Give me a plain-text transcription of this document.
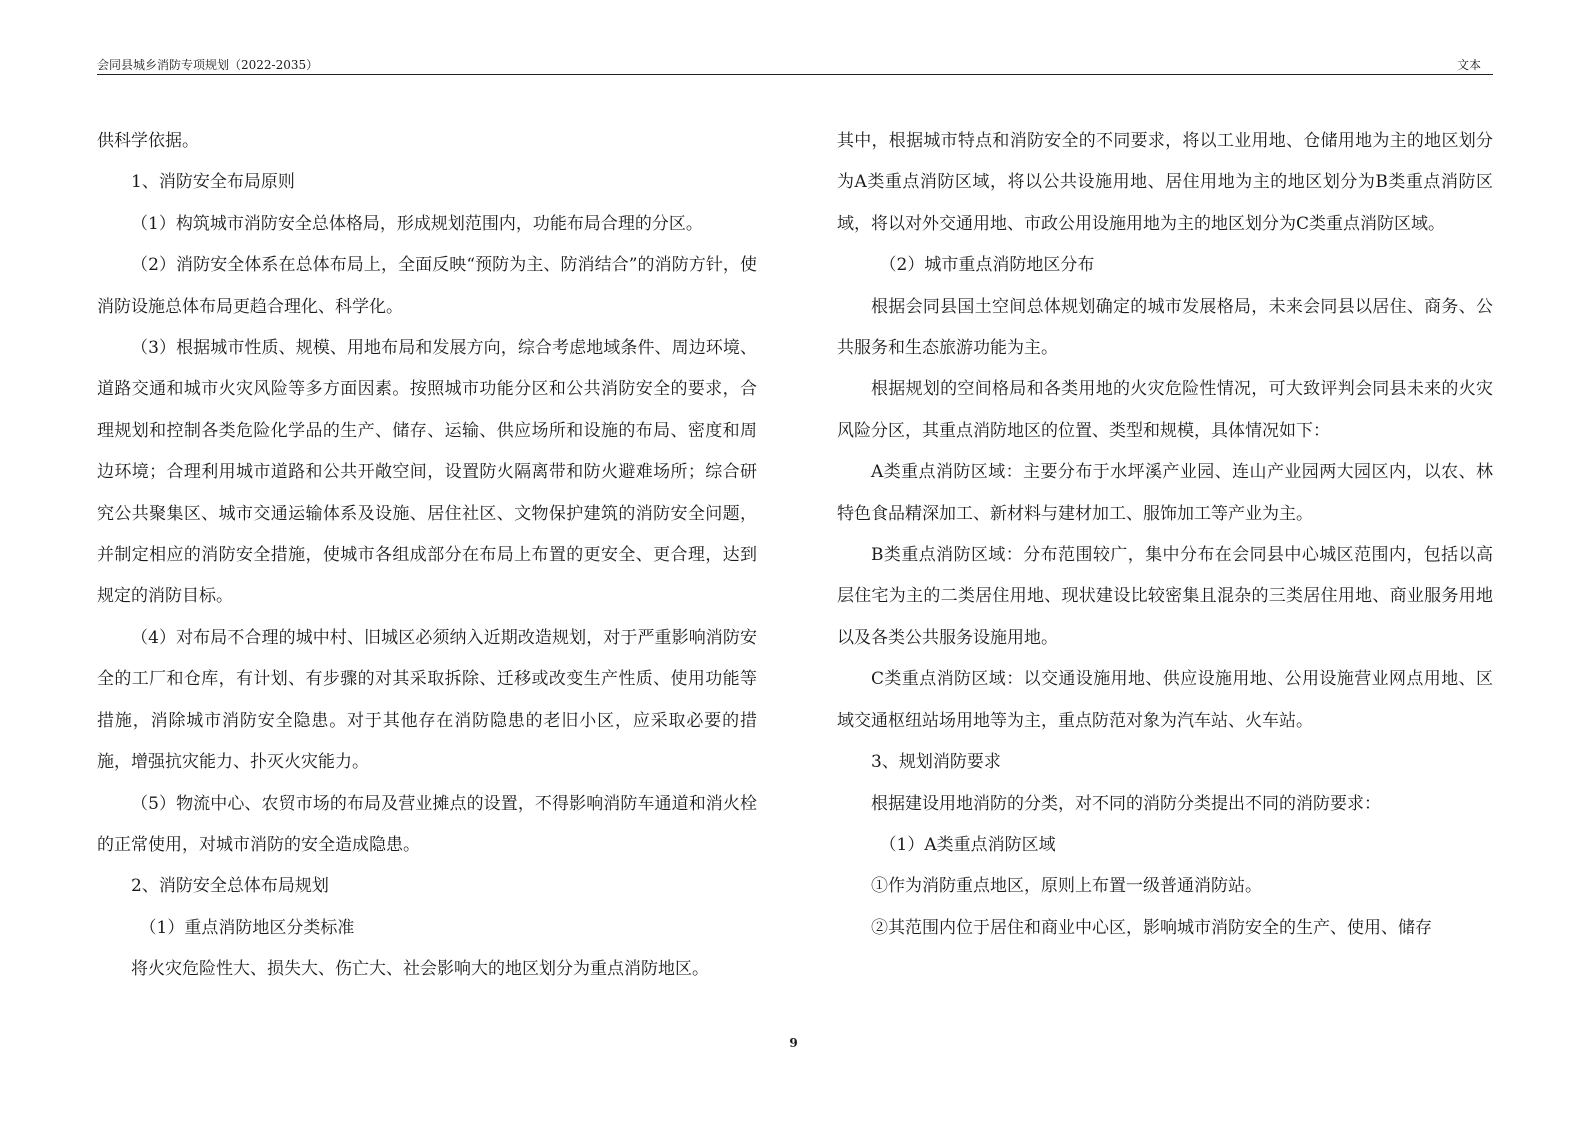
会同县城乡消防专项规划（2022-2035）	文本

供科学依据。

1、消防安全布局原则

（1）构筑城市消防安全总体格局，形成规划范围内，功能布局合理的分区。

（2）消防安全体系在总体布局上，全面反映“预防为主、防消结合”的消防方针，使消防设施总体布局更趋合理化、科学化。

（3）根据城市性质、规模、用地布局和发展方向，综合考虑地域条件、周边环境、道路交通和城市火灾风险等多方面因素。按照城市功能分区和公共消防安全的要求，合理规划和控制各类危险化学品的生产、储存、运输、供应场所和设施的布局、密度和周边环境；合理利用城市道路和公共开敞空间，设置防火隔离带和防火避难场所；综合研究公共聚集区、城市交通运输体系及设施、居住社区、文物保护建筑的消防安全问题，并制定相应的消防安全措施，使城市各组成部分在布局上布置的更安全、更合理，达到规定的消防目标。

（4）对布局不合理的城中村、旧城区必须纳入近期改造规划，对于严重影响消防安全的工厂和仓库，有计划、有步骤的对其采取拆除、迁移或改变生产性质、使用功能等措施，消除城市消防安全隐患。对于其他存在消防隐患的老旧小区，应采取必要的措施，增强抗灾能力、扑灭火灾能力。

（5）物流中心、农贸市场的布局及营业摊点的设置，不得影响消防车通道和消火栓的正常使用，对城市消防的安全造成隐患。

2、消防安全总体布局规划

（1）重点消防地区分类标准

将火灾危险性大、损失大、伤亡大、社会影响大的地区划分为重点消防地区。

其中，根据城市特点和消防安全的不同要求，将以工业用地、仓储用地为主的地区划分为A类重点消防区域，将以公共设施用地、居住用地为主的地区划分为B类重点消防区域，将以对外交通用地、市政公用设施用地为主的地区划分为C类重点消防区域。

（2）城市重点消防地区分布

根据会同县国土空间总体规划确定的城市发展格局，未来会同县以居住、商务、公共服务和生态旅游功能为主。

根据规划的空间格局和各类用地的火灾危险性情况，可大致评判会同县未来的火灾风险分区，其重点消防地区的位置、类型和规模，具体情况如下：

A类重点消防区域：主要分布于水坪溪产业园、连山产业园两大园区内，以农、林特色食品精深加工、新材料与建材加工、服饰加工等产业为主。

B类重点消防区域：分布范围较广，集中分布在会同县中心城区范围内，包括以高层住宅为主的二类居住用地、现状建设比较密集且混杂的三类居住用地、商业服务用地以及各类公共服务设施用地。

C类重点消防区域：以交通设施用地、供应设施用地、公用设施营业网点用地、区域交通枢纽站场用地等为主，重点防范对象为汽车站、火车站。

3、规划消防要求

根据建设用地消防的分类，对不同的消防分类提出不同的消防要求：

（1）A类重点消防区域

①作为消防重点地区，原则上布置一级普通消防站。

②其范围内位于居住和商业中心区，影响城市消防安全的生产、使用、储存

9
